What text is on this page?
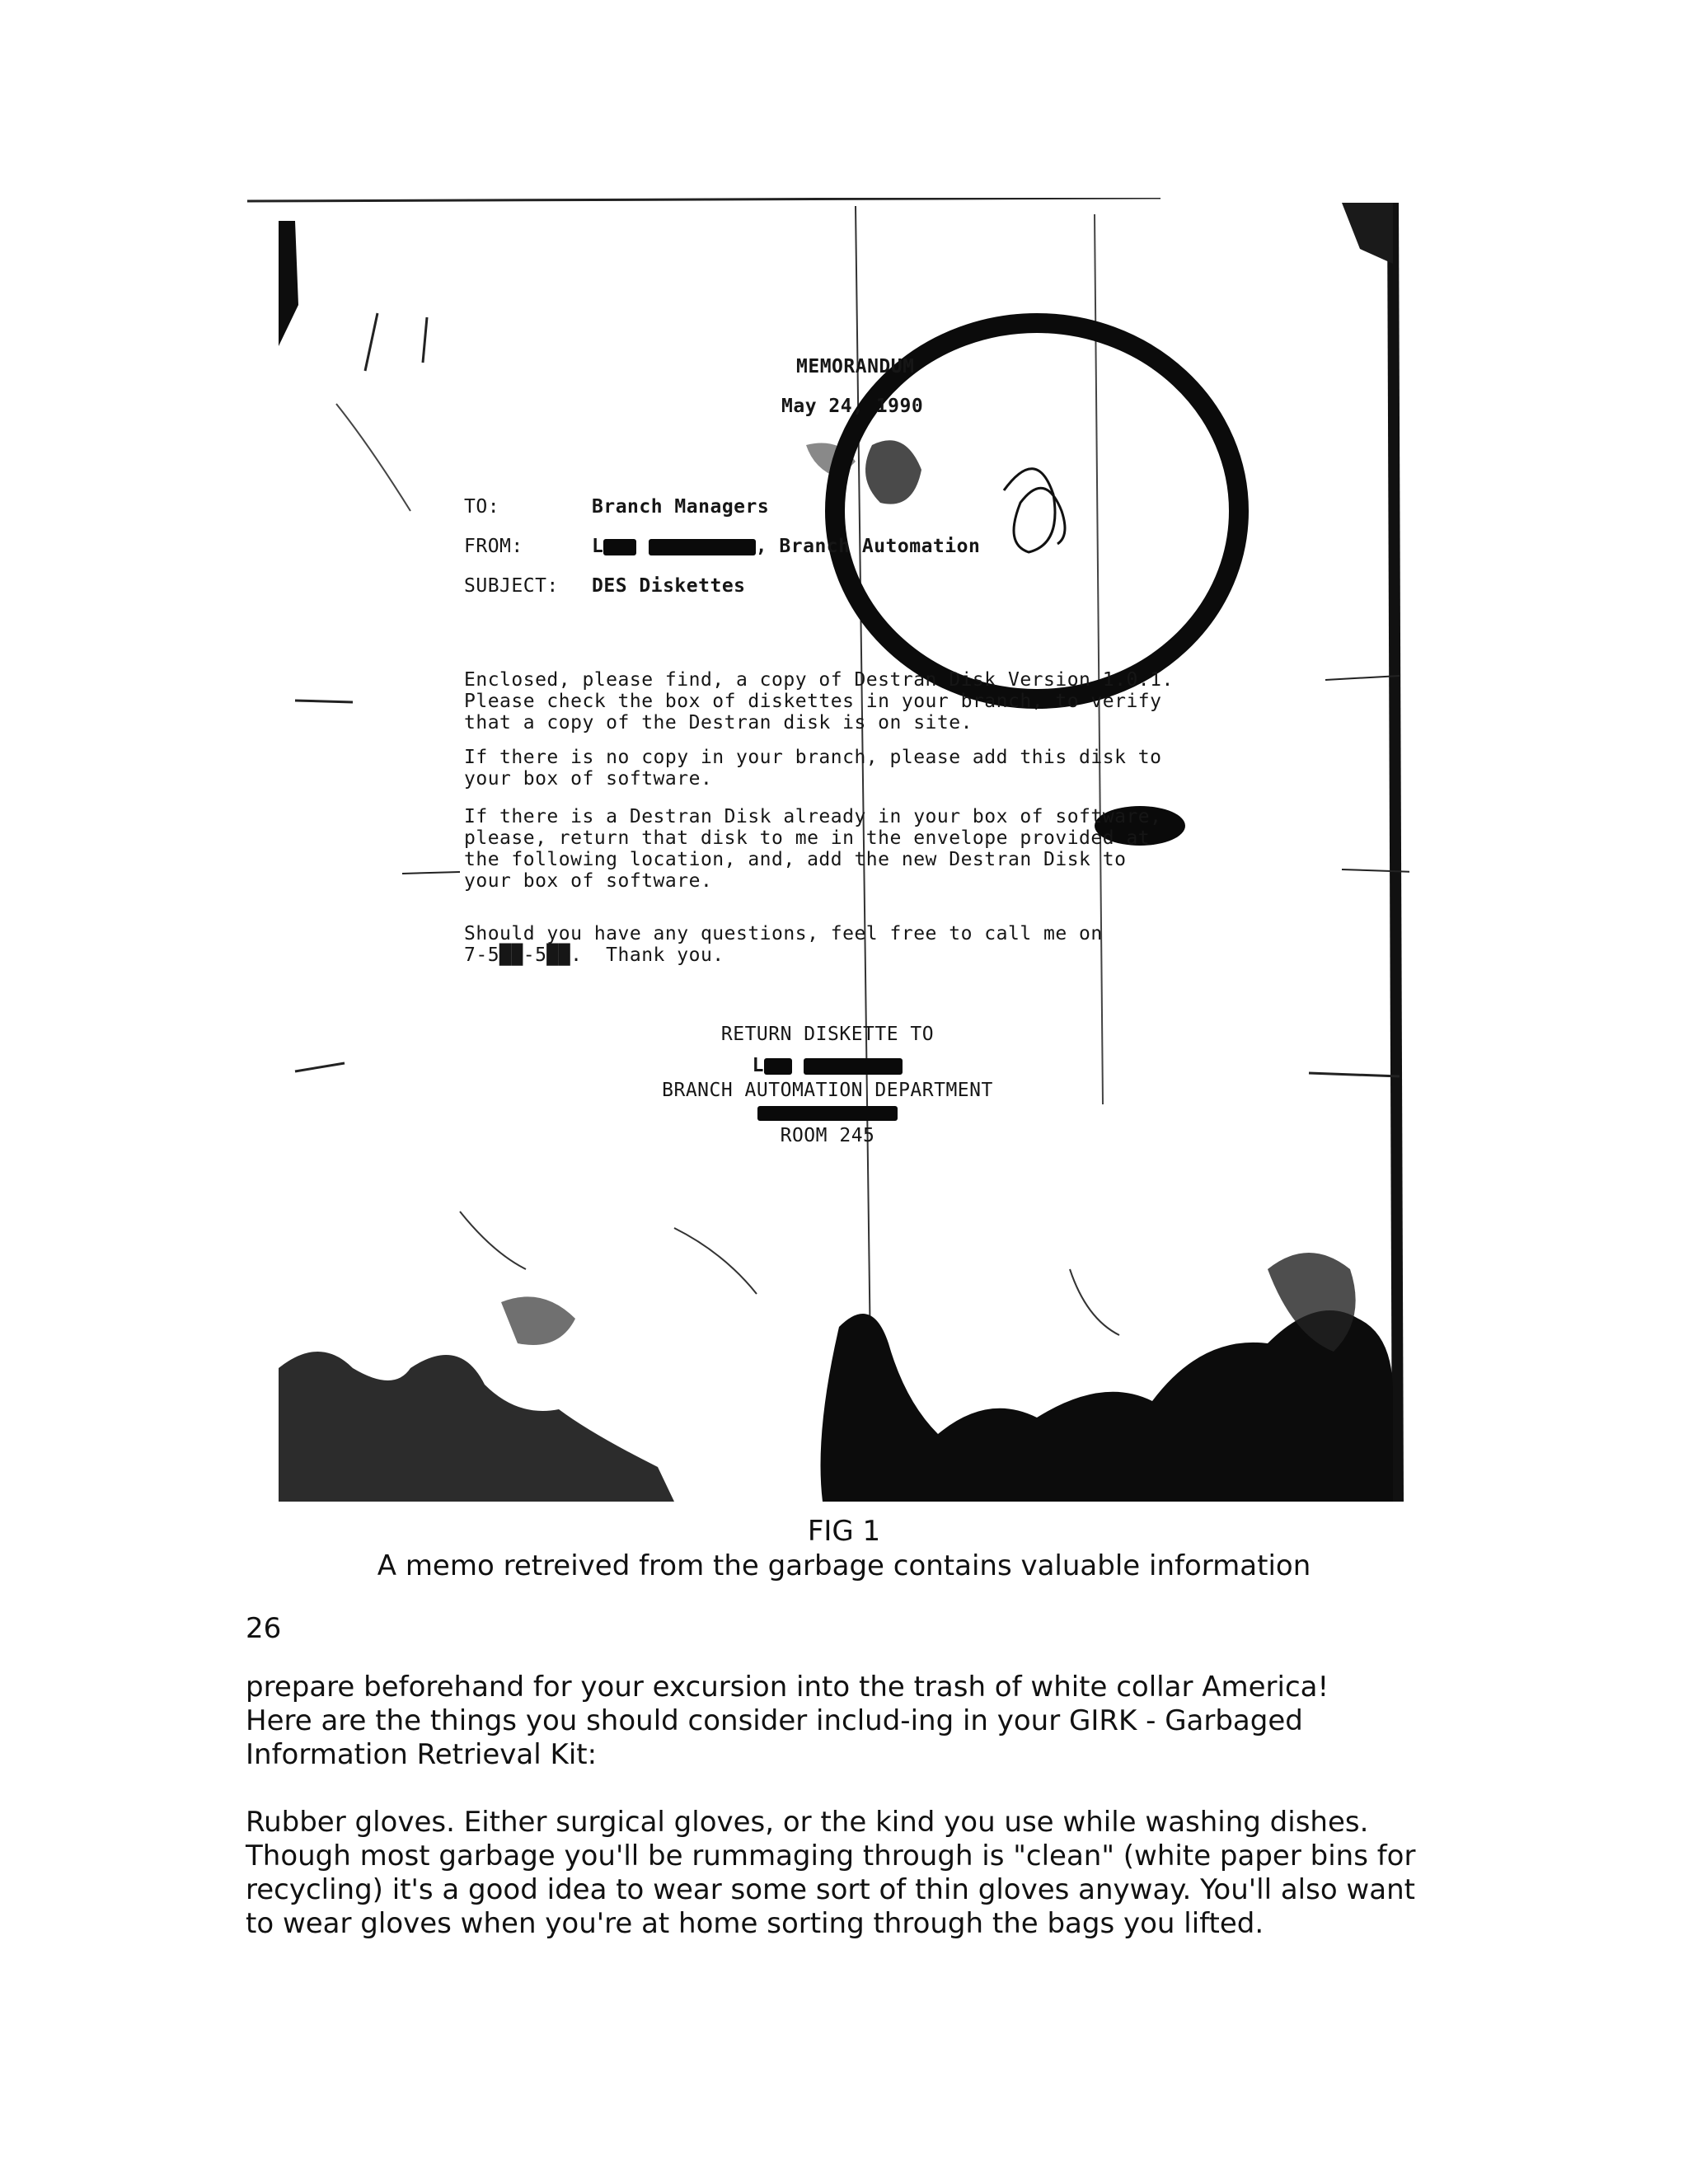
MEMORANDUM
May 24, 1990
TO:	Branch Managers
FROM:	L	, Branch Automation
SUBJECT: DES Diskettes
Enclosed, please find, a copy of Destran Disk Version 1.0.1.
Please check the box of diskettes in your branch, to verify
that a copy of the Destran disk is on site.
If there is no copy in your branch, please add this disk to
your box of software.
If there is a Destran Disk already in your box of software,
please, return that disk to me in the envelope provided at
the following location, and, add the new Destran Disk to
your box of software.
Should you have any questions, feel free to call me on
7-5██-5██.  Thank you.
RETURN DISKETTE TO
L
BRANCH AUTOMATION DEPARTMENT
ROOM 245
FIG 1
A memo retreived from the garbage contains valuable information
26
prepare beforehand for your excursion into the trash of white collar America!
Here are the things you should consider includ-ing in your GIRK - Garbaged
Information Retrieval Kit:
Rubber gloves. Either surgical gloves, or the kind you use while washing dishes.
Though most garbage you'll be rummaging through is "clean" (white paper bins for
recycling) it's a good idea to wear some sort of thin gloves anyway. You'll also want
to wear gloves when you're at home sorting through the bags you lifted.
